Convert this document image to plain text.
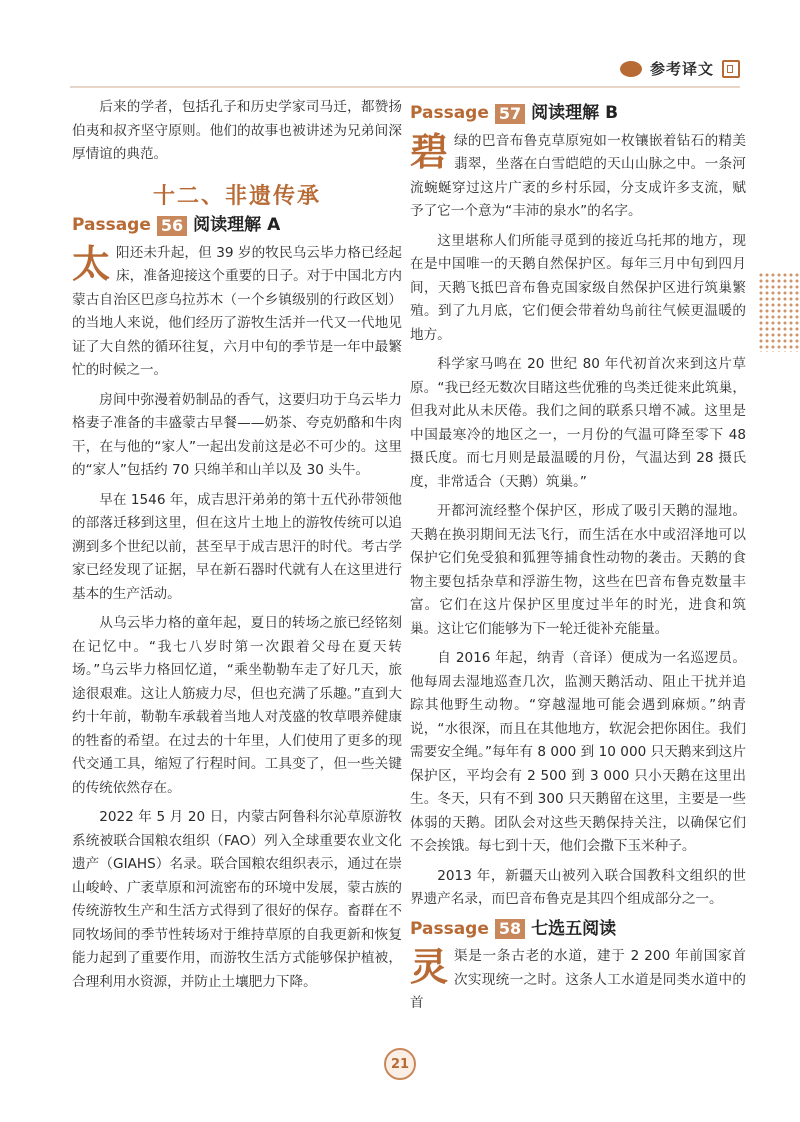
参考译文

后来的学者，包括孔子和历史学家司马迁，都赞扬伯夷和叔齐坚守原则。他们的故事也被讲述为兄弟间深厚情谊的典范。

十二、非遗传承
Passage 56 阅读理解 A

太阳还未升起，但 39 岁的牧民乌云毕力格已经起床，准备迎接这个重要的日子。对于中国北方内蒙古自治区巴彦乌拉苏木（一个乡镇级别的行政区划）的当地人来说，他们经历了游牧生活并一代又一代地见证了大自然的循环往复，六月中旬的季节是一年中最繁忙的时候之一。

房间中弥漫着奶制品的香气，这要归功于乌云毕力格妻子准备的丰盛蒙古早餐——奶茶、夸克奶酪和牛肉干，在与他的“家人”一起出发前这是必不可少的。这里的“家人”包括约 70 只绵羊和山羊以及 30 头牛。

早在 1546 年，成吉思汗弟弟的第十五代孙带领他的部落迁移到这里，但在这片土地上的游牧传统可以追溯到多个世纪以前，甚至早于成吉思汗的时代。考古学家已经发现了证据，早在新石器时代就有人在这里进行基本的生产活动。

从乌云毕力格的童年起，夏日的转场之旅已经铭刻在记忆中。“我七八岁时第一次跟着父母在夏天转场。”乌云毕力格回忆道，“乘坐勒勒车走了好几天，旅途很艰难。这让人筋疲力尽，但也充满了乐趣。”直到大约十年前，勒勒车承载着当地人对茂盛的牧草喂养健康的牲畜的希望。在过去的十年里，人们使用了更多的现代交通工具，缩短了行程时间。工具变了，但一些关键的传统依然存在。

2022 年 5 月 20 日，内蒙古阿鲁科尔沁草原游牧系统被联合国粮农组织（FAO）列入全球重要农业文化遗产（GIAHS）名录。联合国粮农组织表示，通过在崇山峻岭、广袤草原和河流密布的环境中发展，蒙古族的传统游牧生产和生活方式得到了很好的保存。畜群在不同牧场间的季节性转场对于维持草原的自我更新和恢复能力起到了重要作用，而游牧生活方式能够保护植被，合理利用水资源，并防止土壤肥力下降。

Passage 57 阅读理解 B

碧绿的巴音布鲁克草原宛如一枚镶嵌着钻石的精美翡翠，坐落在白雪皑皑的天山山脉之中。一条河流蜿蜒穿过这片广袤的乡村乐园，分支成许多支流，赋予了它一个意为“丰沛的泉水”的名字。

这里堪称人们所能寻觅到的接近乌托邦的地方，现在是中国唯一的天鹅自然保护区。每年三月中旬到四月间，天鹅飞抵巴音布鲁克国家级自然保护区进行筑巢繁殖。到了九月底，它们便会带着幼鸟前往气候更温暖的地方。

科学家马鸣在 20 世纪 80 年代初首次来到这片草原。“我已经无数次目睹这些优雅的鸟类迁徙来此筑巢，但我对此从未厌倦。我们之间的联系只增不减。这里是中国最寒冷的地区之一，一月份的气温可降至零下 48 摄氏度。而七月则是最温暖的月份，气温达到 28 摄氏度，非常适合（天鹅）筑巢。”

开都河流经整个保护区，形成了吸引天鹅的湿地。天鹅在换羽期间无法飞行，而生活在水中或沼泽地可以保护它们免受狼和狐狸等捕食性动物的袭击。天鹅的食物主要包括杂草和浮游生物，这些在巴音布鲁克数量丰富。它们在这片保护区里度过半年的时光，进食和筑巢。这让它们能够为下一轮迁徙补充能量。

自 2016 年起，纳青（音译）便成为一名巡逻员。他每周去湿地巡查几次，监测天鹅活动、阻止干扰并追踪其他野生动物。“穿越湿地可能会遇到麻烦。”纳青说，“水很深，而且在其他地方，软泥会把你困住。我们需要安全绳。”每年有 8 000 到 10 000 只天鹅来到这片保护区，平均会有 2 500 到 3 000 只小天鹅在这里出生。冬天，只有不到 300 只天鹅留在这里，主要是一些体弱的天鹅。团队会对这些天鹅保持关注，以确保它们不会挨饿。每七到十天，他们会撒下玉米种子。

2013 年，新疆天山被列入联合国教科文组织的世界遗产名录，而巴音布鲁克是其四个组成部分之一。

Passage 58 七选五阅读

灵渠是一条古老的水道，建于 2 200 年前国家首次实现统一之时。这条人工水道是同类水道中的首

21
